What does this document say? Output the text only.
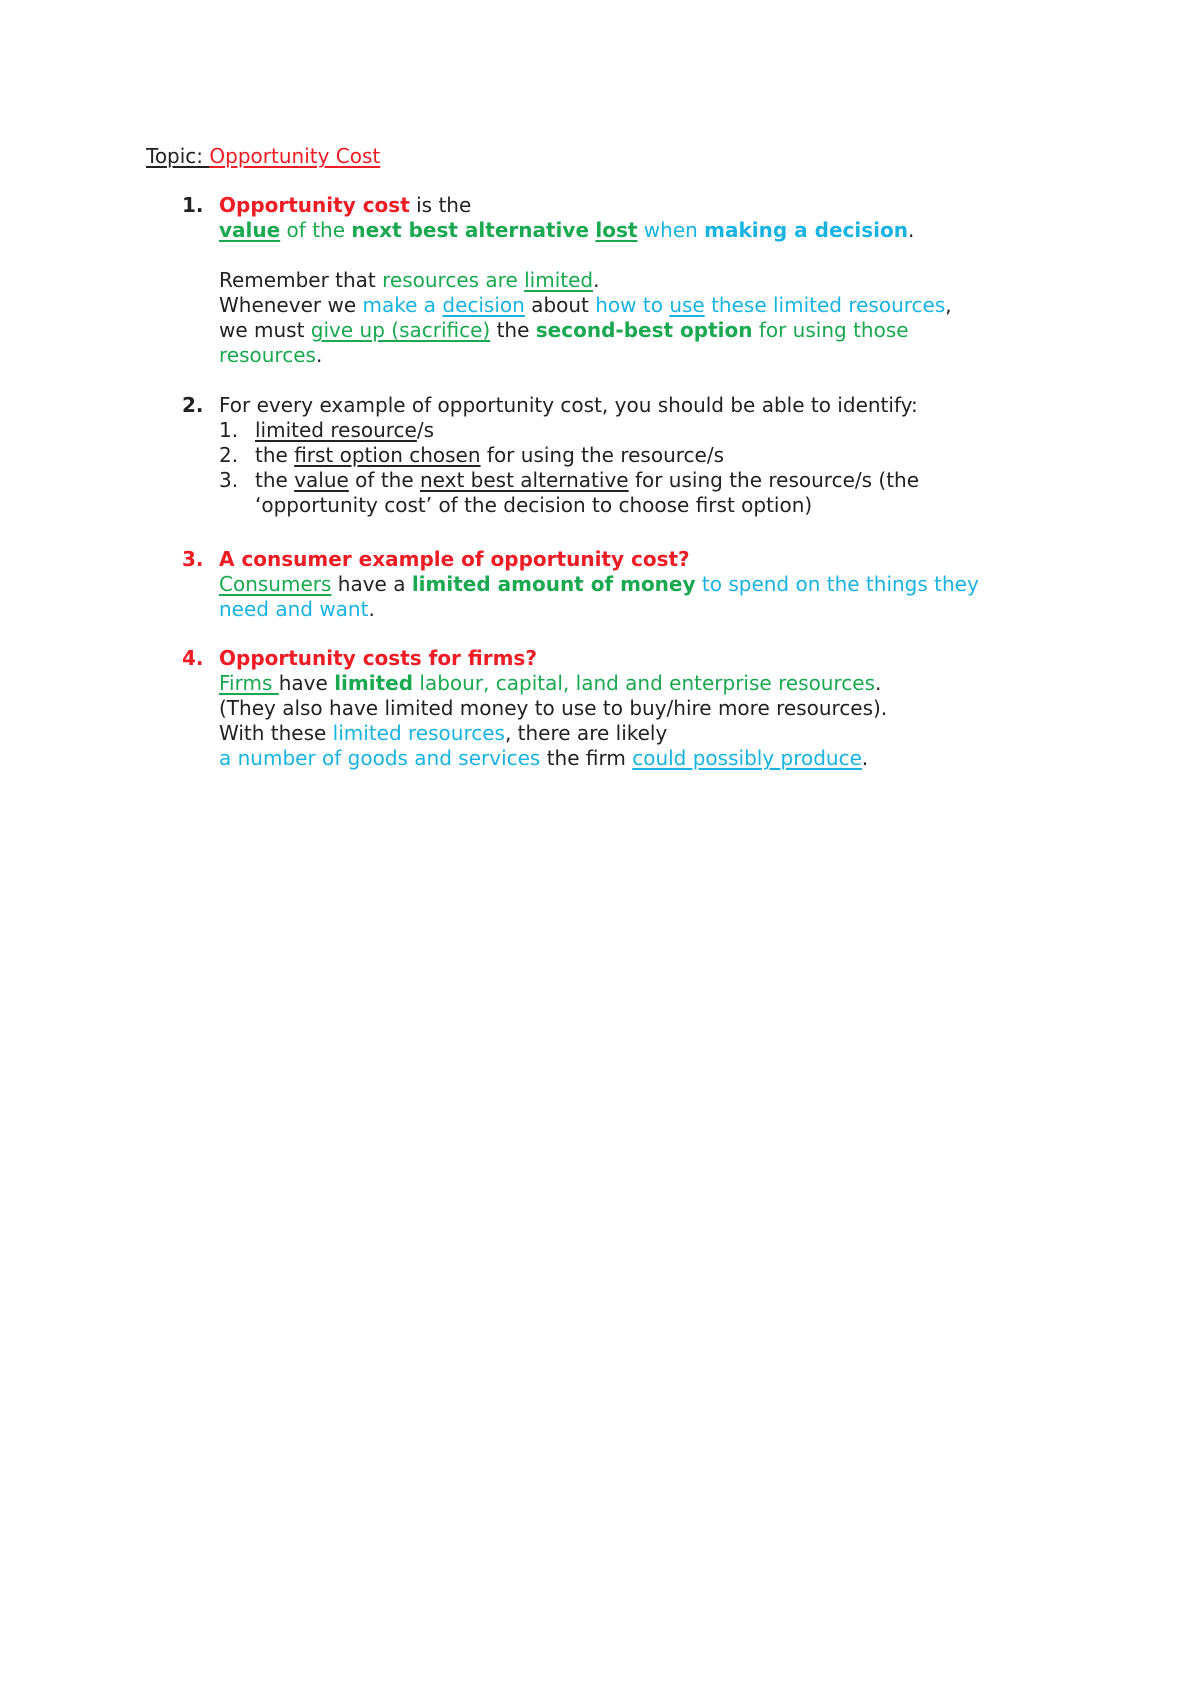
Topic: Opportunity Cost
1. Opportunity cost is the
value of the next best alternative lost when making a decision.
Remember that resources are limited.
Whenever we make a decision about how to use these limited resources,
we must give up (sacrifice) the second-best option for using those
resources.
2. For every example of opportunity cost, you should be able to identify:
1. limited resource/s
2. the first option chosen for using the resource/s
3. the value of the next best alternative for using the resource/s (the
‘opportunity cost’ of the decision to choose first option)
3. A consumer example of opportunity cost?
Consumers have a limited amount of money to spend on the things they
need and want.
4. Opportunity costs for firms?
Firms have limited labour, capital, land and enterprise resources.
(They also have limited money to use to buy/hire more resources).
With these limited resources, there are likely
a number of goods and services the firm could possibly produce.
